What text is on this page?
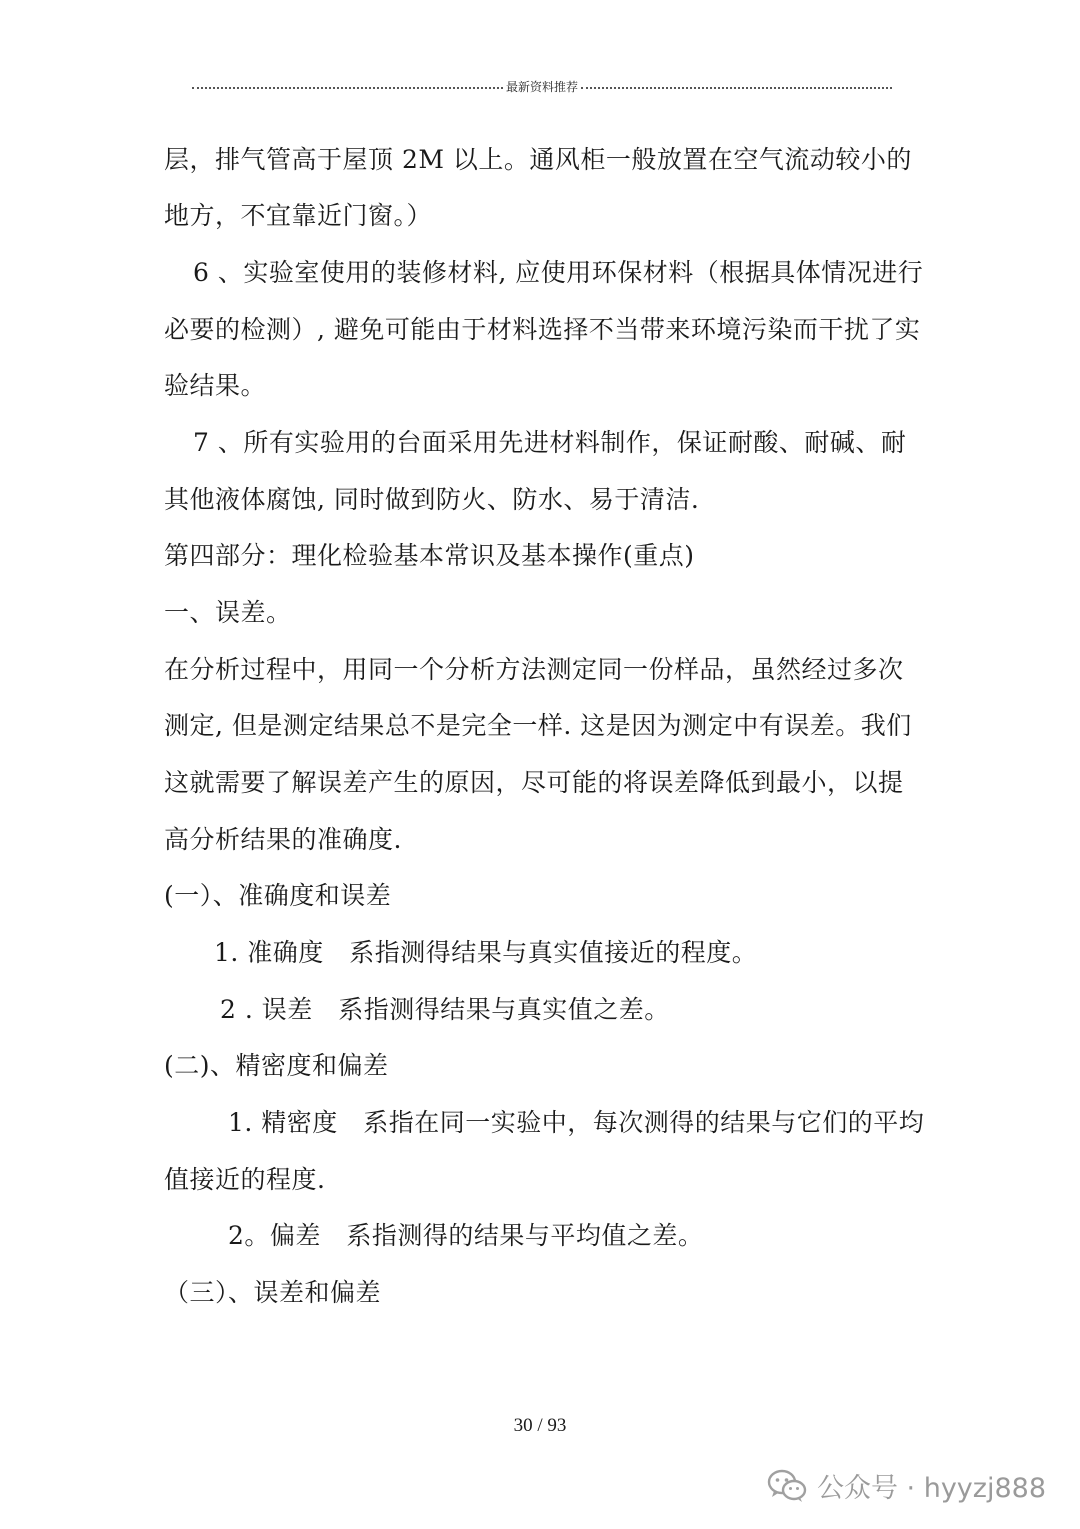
最新资料推荐
层，排气管高于屋顶 2M 以上。通风柜一般放置在空气流动较小的
地方，不宜靠近门窗。）
6 、实验室使用的装修材料, 应使用环保材料（根据具体情况进行
必要的检测）, 避免可能由于材料选择不当带来环境污染而干扰了实
验结果。
7 、所有实验用的台面采用先进材料制作，保证耐酸、耐碱、耐
其他液体腐蚀, 同时做到防火、防水、易于清洁.
第四部分：理化检验基本常识及基本操作(重点)
一、误差。
在分析过程中，用同一个分析方法测定同一份样品，虽然经过多次
测定, 但是测定结果总不是完全一样. 这是因为测定中有误差。我们
这就需要了解误差产生的原因，尽可能的将误差降低到最小，以提
高分析结果的准确度.
(一）、准确度和误差
1. 准确度　系指测得结果与真实值接近的程度。
2 . 误差　系指测得结果与真实值之差。
(二)、精密度和偏差
1. 精密度　系指在同一实验中，每次测得的结果与它们的平均
值接近的程度.
2。偏差　系指测得的结果与平均值之差。
（三）、误差和偏差
30 / 93
公众号 · hyyzj888
